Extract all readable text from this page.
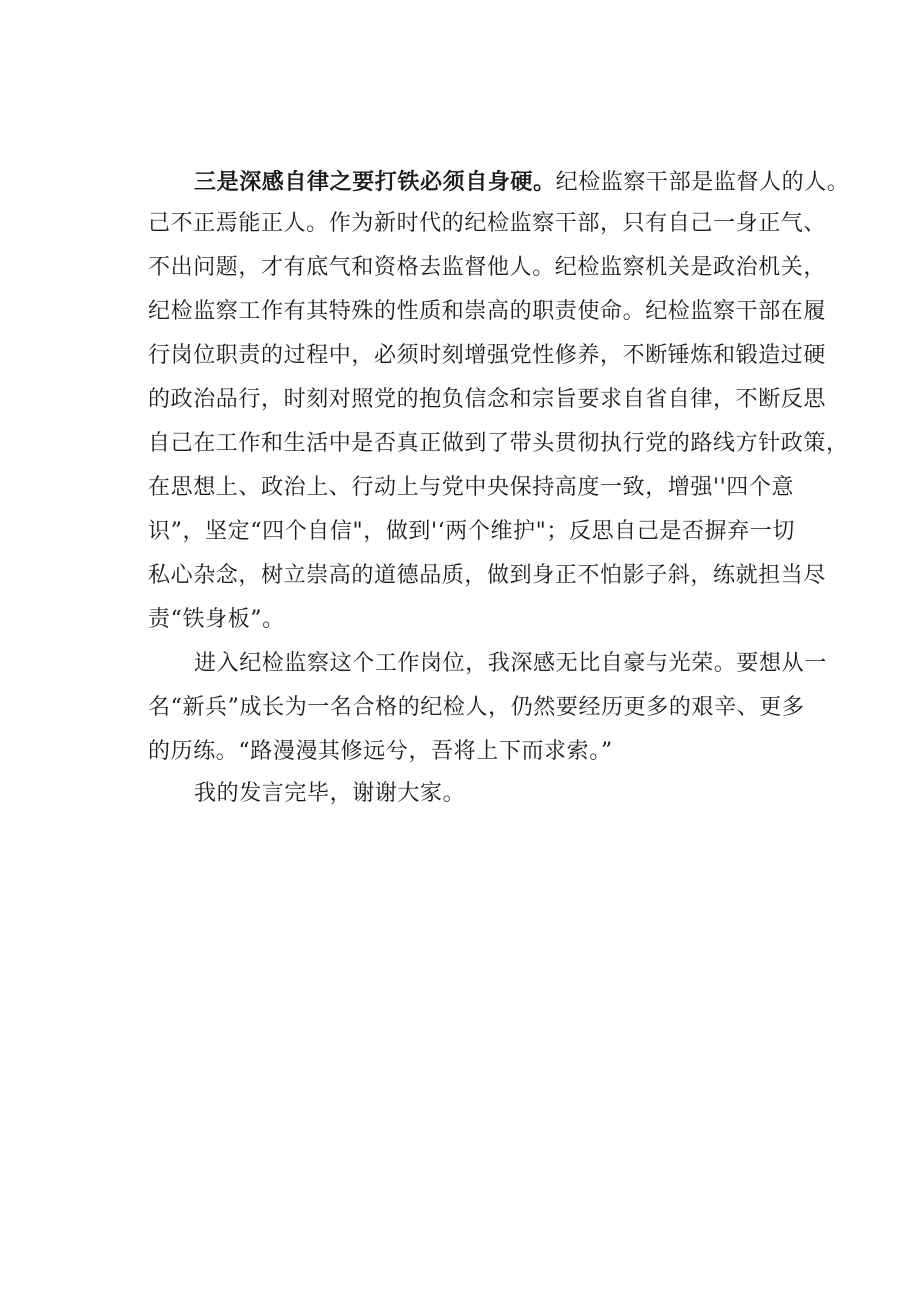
三是深感自律之要打铁必须自身硬。纪检监察干部是监督人的人。
己不正焉能正人。作为新时代的纪检监察干部，只有自己一身正气、
不出问题，才有底气和资格去监督他人。纪检监察机关是政治机关，
纪检监察工作有其特殊的性质和崇高的职责使命。纪检监察干部在履
行岗位职责的过程中，必须时刻增强党性修养，不断锤炼和锻造过硬
的政治品行，时刻对照党的抱负信念和宗旨要求自省自律，不断反思
自己在工作和生活中是否真正做到了带头贯彻执行党的路线方针政策，
在思想上、政治上、行动上与党中央保持高度一致，增强''四个意
识”，坚定“四个自信"，做到'‘两个维护"；反思自己是否摒弃一切
私心杂念，树立崇高的道德品质，做到身正不怕影子斜，练就担当尽
责“铁身板”。
进入纪检监察这个工作岗位，我深感无比自豪与光荣。要想从一
名“新兵”成长为一名合格的纪检人，仍然要经历更多的艰辛、更多
的历练。“路漫漫其修远兮，吾将上下而求索。”
我的发言完毕，谢谢大家。
